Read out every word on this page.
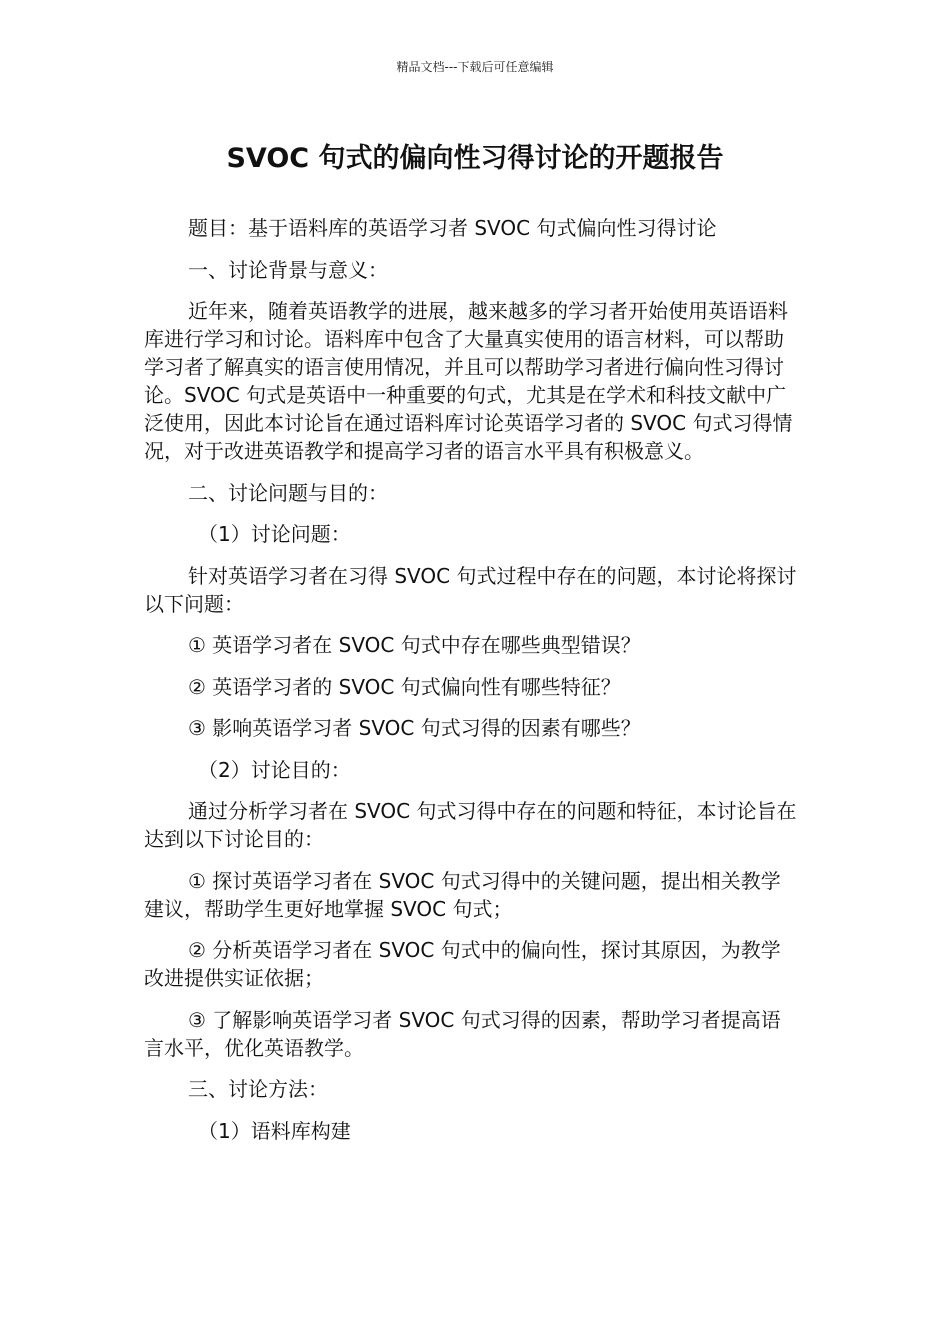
精品文档---下载后可任意编辑
SVOC 句式的偏向性习得讨论的开题报告

题目：基于语料库的英语学习者 SVOC 句式偏向性习得讨论

一、讨论背景与意义：

近年来，随着英语教学的进展，越来越多的学习者开始使用英语语料库进行学习和讨论。语料库中包含了大量真实使用的语言材料，可以帮助学习者了解真实的语言使用情况，并且可以帮助学习者进行偏向性习得讨论。SVOC 句式是英语中一种重要的句式，尤其是在学术和科技文献中广泛使用，因此本讨论旨在通过语料库讨论英语学习者的 SVOC 句式习得情况，对于改进英语教学和提高学习者的语言水平具有积极意义。

二、讨论问题与目的：

（1）讨论问题：

针对英语学习者在习得 SVOC 句式过程中存在的问题，本讨论将探讨以下问题：

① 英语学习者在 SVOC 句式中存在哪些典型错误？

② 英语学习者的 SVOC 句式偏向性有哪些特征？

③ 影响英语学习者 SVOC 句式习得的因素有哪些？

（2）讨论目的：

通过分析学习者在 SVOC 句式习得中存在的问题和特征，本讨论旨在达到以下讨论目的：

① 探讨英语学习者在 SVOC 句式习得中的关键问题，提出相关教学建议，帮助学生更好地掌握 SVOC 句式；

② 分析英语学习者在 SVOC 句式中的偏向性，探讨其原因，为教学改进提供实证依据；

③ 了解影响英语学习者 SVOC 句式习得的因素，帮助学习者提高语言水平，优化英语教学。

三、讨论方法：

（1）语料库构建
